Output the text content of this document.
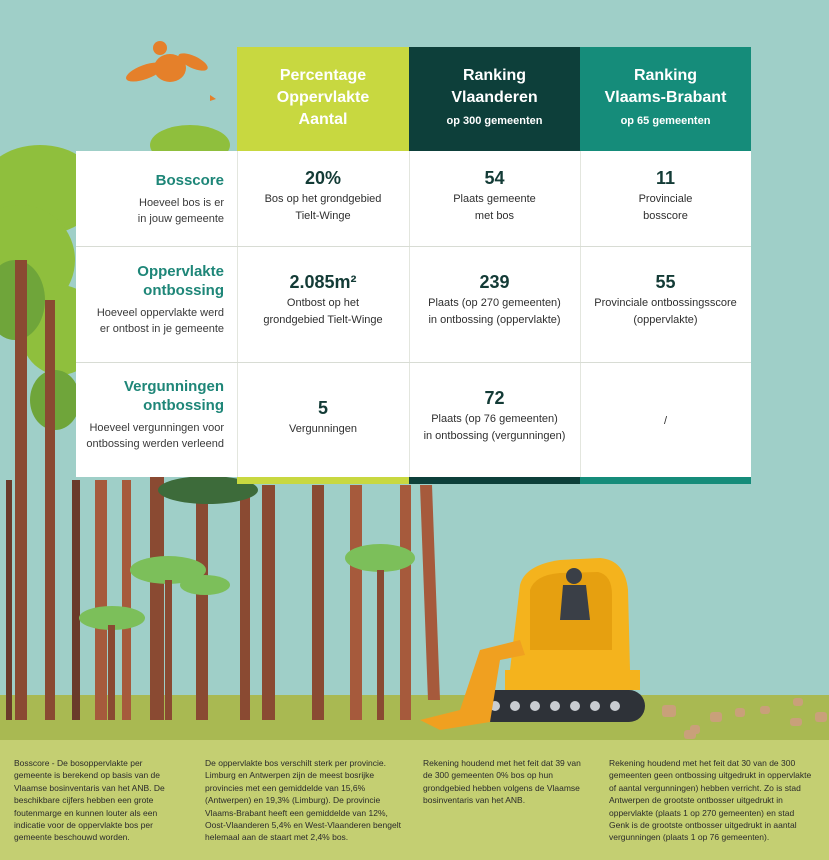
Percentage
Oppervlakte
Aantal
Ranking
Vlaanderen
op 300 gemeenten
Ranking
Vlaams-Brabant
op 65 gemeenten
Bosscore
Hoeveel bos is er
in jouw gemeente
20%
Bos op het grondgebied
Tielt-Winge
54
Plaats gemeente
met bos
11
Provinciale
bosscore
Oppervlakte
ontbossing
Hoeveel oppervlakte werd
er ontbost in je gemeente
2.085m²
Ontbost op het
grondgebied Tielt-Winge
239
Plaats (op 270 gemeenten)
in ontbossing (oppervlakte)
55
Provinciale ontbossingsscore
(oppervlakte)
Vergunningen
ontbossing
Hoeveel vergunningen voor
ontbossing werden verleend
5
Vergunningen
72
Plaats (op 76 gemeenten)
in ontbossing (vergunningen)
/
Bosscore - De bosoppervlakte per gemeente is berekend op basis van de Vlaamse bosinventaris van het ANB. De beschikbare cijfers hebben een grote foutenmarge en kunnen louter als een indicatie voor de oppervlakte bos per gemeente beschouwd worden.
De oppervlakte bos verschilt sterk per provincie. Limburg en Antwerpen zijn de meest bosrijke provincies met een gemiddelde van 15,6% (Antwerpen) en 19,3% (Limburg). De provincie Vlaams-Brabant heeft een gemiddelde van 12%, Oost-Vlaanderen 5,4% en West-Vlaanderen bengelt helemaal aan de staart met 2,4% bos.
Rekening houdend met het feit dat 39 van de 300 gemeenten 0% bos op hun grondgebied hebben volgens de Vlaamse bosinventaris van het ANB.
Rekening houdend met het feit dat 30 van de 300 gemeenten geen ontbossing uitgedrukt in oppervlakte of aantal vergunningen) hebben verricht. Zo is stad Antwerpen de grootste ontbosser uitgedrukt in oppervlakte (plaats 1 op 270 gemeenten) en stad Genk is de grootste ontbosser uitgedrukt in aantal vergunningen (plaats 1 op 76 gemeenten).
